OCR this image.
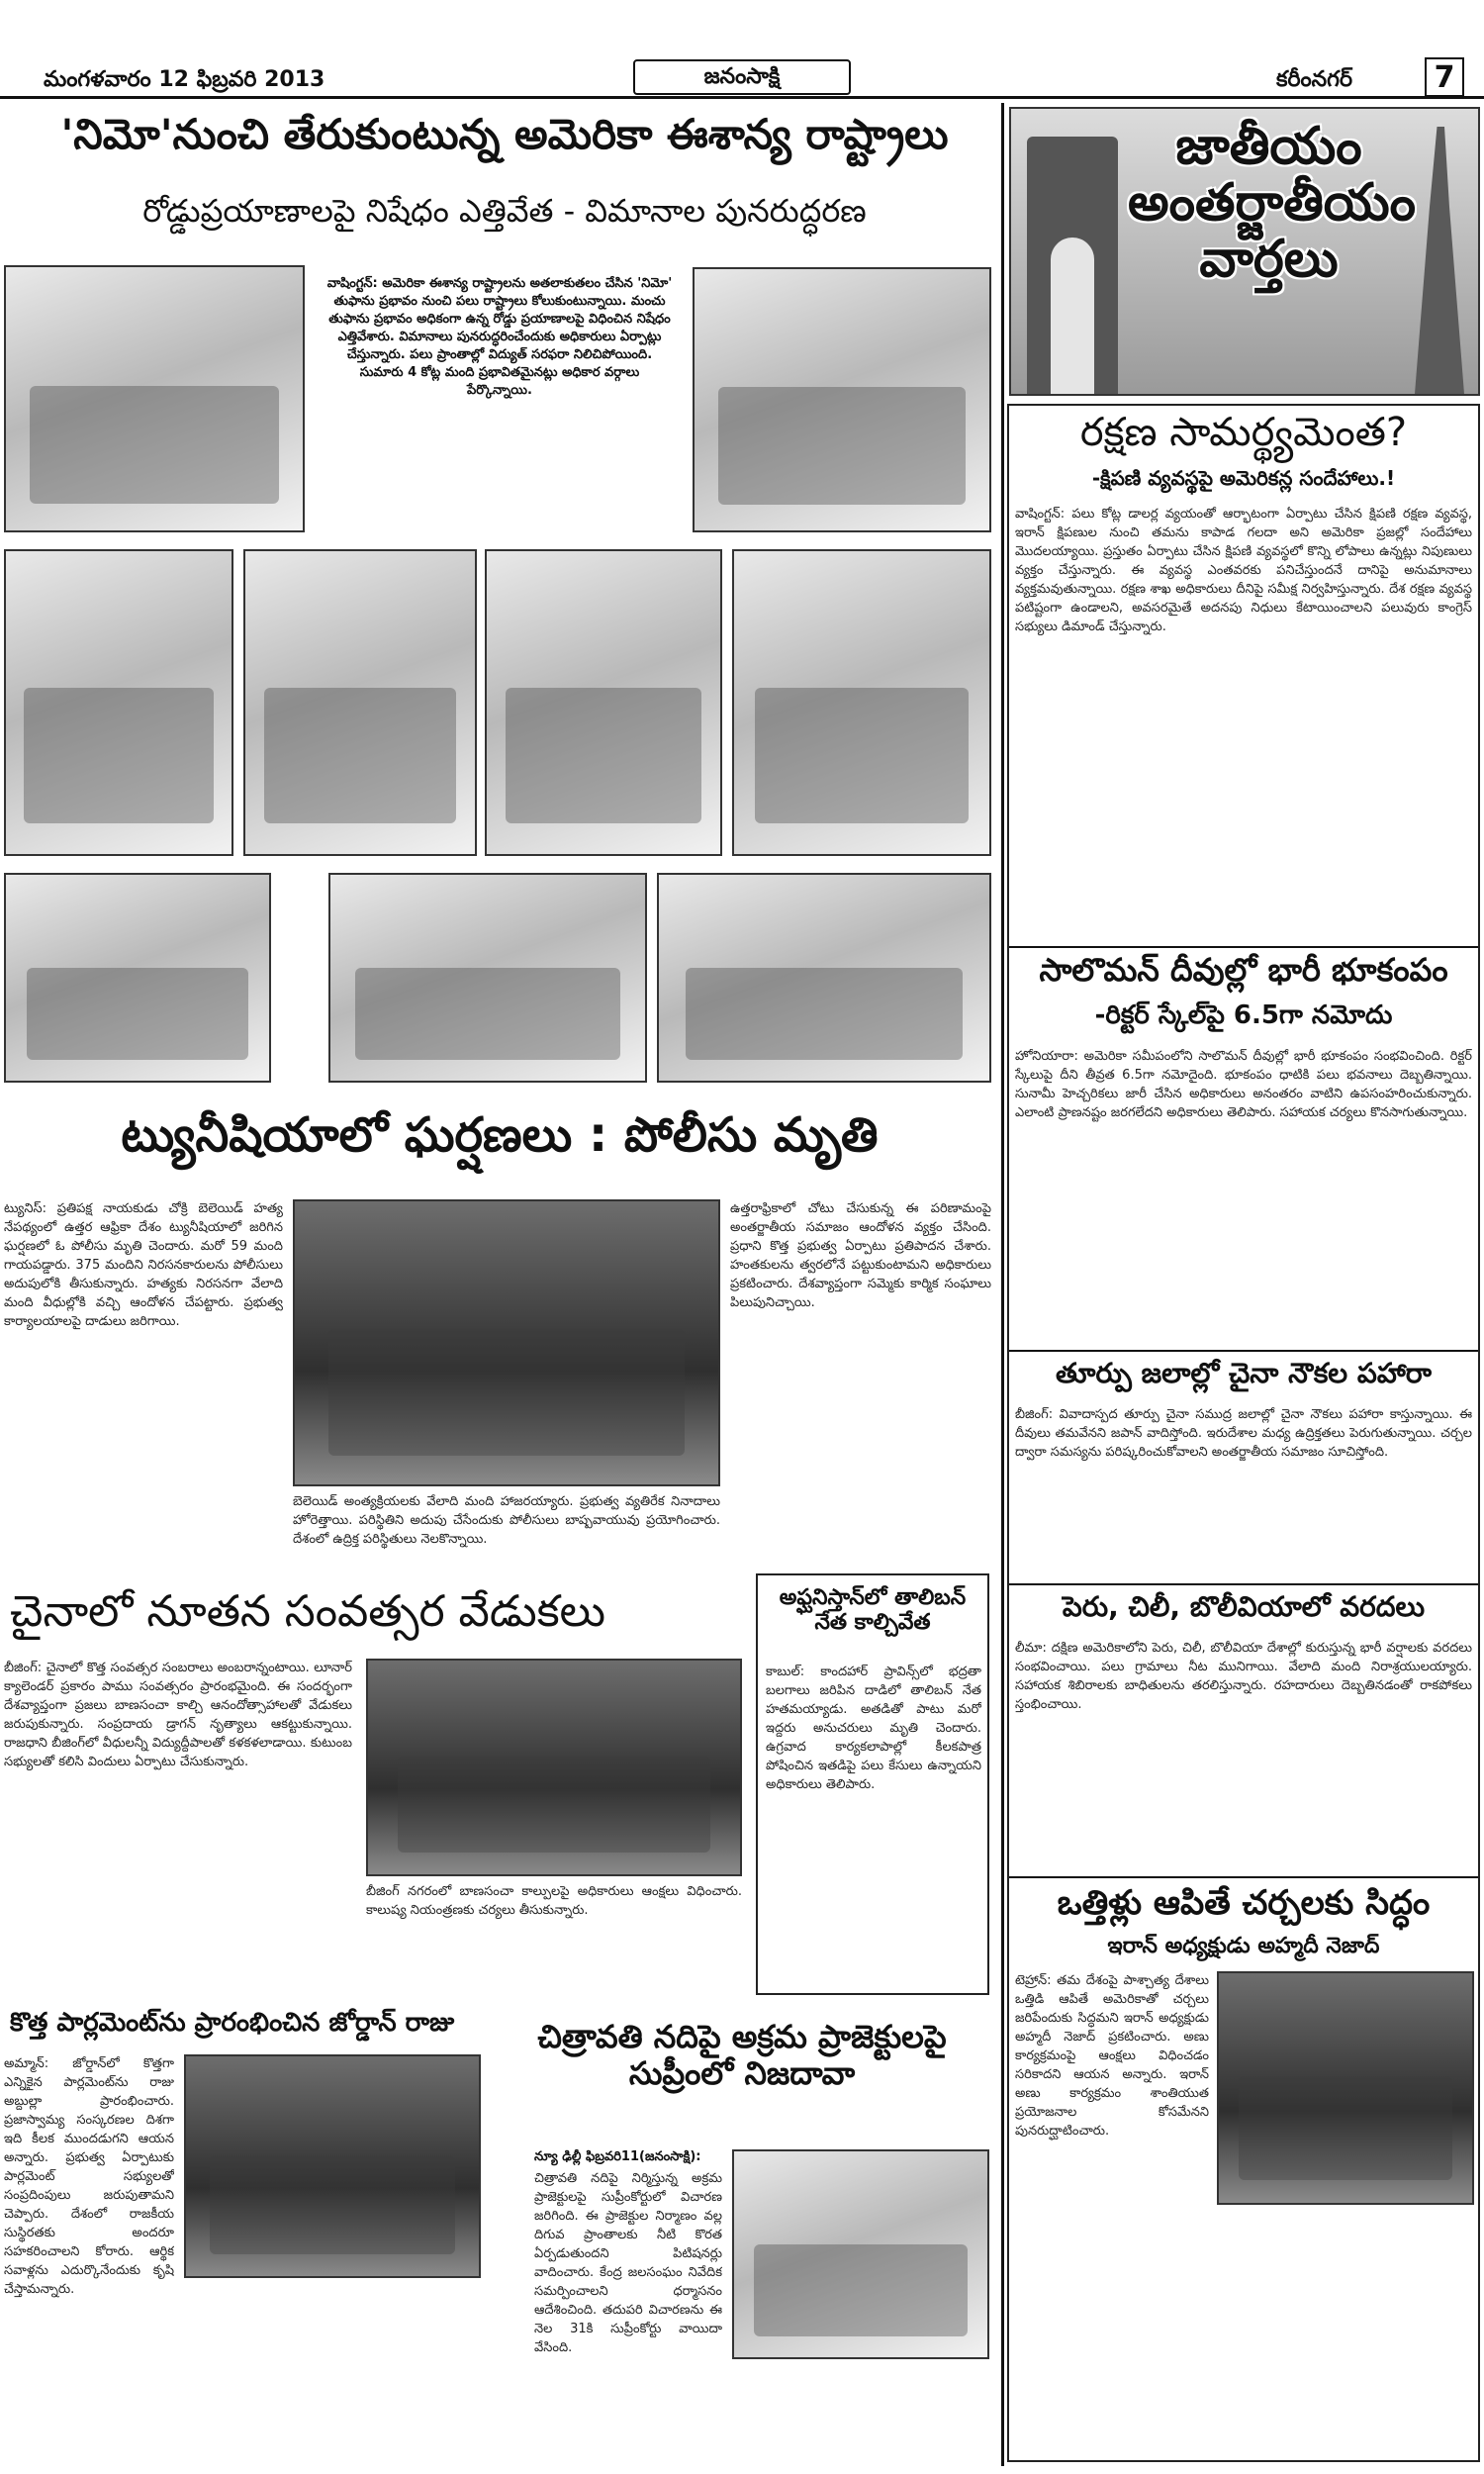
మంగళవారం 12 ఫిబ్రవరి 2013	జనంసాక్షి	కరీంనగర్	7
'నిమో'నుంచి తేరుకుంటున్న అమెరికా ఈశాన్య రాష్ట్రాలు
రోడ్డుప్రయాణాలపై నిషేధం ఎత్తివేత - విమానాల పునరుద్ధరణ
వాషింగ్టన్: అమెరికా ఈశాన్య రాష్ట్రాలను అతలాకుతలం చేసిన 'నిమో' తుఫాను ప్రభావం నుంచి పలు రాష్ట్రాలు కోలుకుంటున్నాయి. మంచు తుఫాను ప్రభావం అధికంగా ఉన్న రోడ్డు ప్రయాణాలపై విధించిన నిషేధం ఎత్తివేశారు. విమానాలు పునరుద్ధరించేందుకు అధికారులు ఏర్పాట్లు చేస్తున్నారు. పలు ప్రాంతాల్లో విద్యుత్ సరఫరా నిలిచిపోయింది. సుమారు 4 కోట్ల మంది ప్రభావితమైనట్లు అధికార వర్గాలు పేర్కొన్నాయి.
ట్యునీషియాలో ఘర్షణలు : పోలీసు మృతి
ట్యునిస్: ప్రతిపక్ష నాయకుడు చోక్రి బెలెయిడ్ హత్య నేపథ్యంలో ఉత్తర ఆఫ్రికా దేశం ట్యునీషియాలో జరిగిన ఘర్షణలో ఓ పోలీసు మృతి చెందారు. మరో 59 మంది గాయపడ్డారు. 375 మందిని నిరసనకారులను పోలీసులు అదుపులోకి తీసుకున్నారు. హత్యకు నిరసనగా వేలాది మంది వీధుల్లోకి వచ్చి ఆందోళన చేపట్టారు. ప్రభుత్వ కార్యాలయాలపై దాడులు జరిగాయి.
బెలెయిడ్ అంత్యక్రియలకు వేలాది మంది హాజరయ్యారు. ప్రభుత్వ వ్యతిరేక నినాదాలు హోరెత్తాయి. పరిస్థితిని అదుపు చేసేందుకు పోలీసులు బాష్పవాయువు ప్రయోగించారు. దేశంలో ఉద్రిక్త పరిస్థితులు నెలకొన్నాయి.
ఉత్తరాఫ్రికాలో చోటు చేసుకున్న ఈ పరిణామంపై అంతర్జాతీయ సమాజం ఆందోళన వ్యక్తం చేసింది. ప్రధాని కొత్త ప్రభుత్వ ఏర్పాటు ప్రతిపాదన చేశారు. హంతకులను త్వరలోనే పట్టుకుంటామని అధికారులు ప్రకటించారు. దేశవ్యాప్తంగా సమ్మెకు కార్మిక సంఘాలు పిలుపునిచ్చాయి.
చైనాలో నూతన సంవత్సర వేడుకలు
బీజింగ్: చైనాలో కొత్త సంవత్సర సంబరాలు అంబరాన్నంటాయి. లూనార్ క్యాలెండర్ ప్రకారం పాము సంవత్సరం ప్రారంభమైంది. ఈ సందర్భంగా దేశవ్యాప్తంగా ప్రజలు బాణసంచా కాల్చి ఆనందోత్సాహాలతో వేడుకలు జరుపుకున్నారు. సంప్రదాయ డ్రాగన్ నృత్యాలు ఆకట్టుకున్నాయి. రాజధాని బీజింగ్‌లో వీధులన్నీ విద్యుద్దీపాలతో కళకళలాడాయి. కుటుంబ సభ్యులతో కలిసి విందులు ఏర్పాటు చేసుకున్నారు.
బీజింగ్ నగరంలో బాణసంచా కాల్పులపై అధికారులు ఆంక్షలు విధించారు. కాలుష్య నియంత్రణకు చర్యలు తీసుకున్నారు.
అఫ్ఘనిస్తాన్‌లో తాలిబన్ నేత కాల్చివేత
కాబుల్: కాందహార్ ప్రావిన్స్‌లో భద్రతా బలగాలు జరిపిన దాడిలో తాలిబన్ నేత హతమయ్యాడు. అతడితో పాటు మరో ఇద్దరు అనుచరులు మృతి చెందారు. ఉగ్రవాద కార్యకలాపాల్లో కీలకపాత్ర పోషించిన ఇతడిపై పలు కేసులు ఉన్నాయని అధికారులు తెలిపారు.
కొత్త పార్లమెంట్‌ను ప్రారంభించిన జోర్డాన్ రాజు
అమ్మాన్: జోర్డాన్‌లో కొత్తగా ఎన్నికైన పార్లమెంట్‌ను రాజు అబ్దుల్లా ప్రారంభించారు. ప్రజాస్వామ్య సంస్కరణల దిశగా ఇది కీలక ముందడుగని ఆయన అన్నారు. ప్రభుత్వ ఏర్పాటుకు పార్లమెంట్ సభ్యులతో సంప్రదింపులు జరుపుతామని చెప్పారు. దేశంలో రాజకీయ సుస్థిరతకు అందరూ సహకరించాలని కోరారు. ఆర్థిక సవాళ్లను ఎదుర్కొనేందుకు కృషి చేస్తామన్నారు.
చిత్రావతి నదిపై అక్రమ ప్రాజెక్టులపై సుప్రీంలో నిజదావా
న్యూ ఢిల్లీ ఫిబ్రవరి11(జనంసాక్షి):
చిత్రావతి నదిపై నిర్మిస్తున్న అక్రమ ప్రాజెక్టులపై సుప్రీంకోర్టులో విచారణ జరిగింది. ఈ ప్రాజెక్టుల నిర్మాణం వల్ల దిగువ ప్రాంతాలకు నీటి కొరత ఏర్పడుతుందని పిటిషనర్లు వాదించారు. కేంద్ర జలసంఘం నివేదిక సమర్పించాలని ధర్మాసనం ఆదేశించింది. తదుపరి విచారణను ఈ నెల 31కి సుప్రీంకోర్టు వాయిదా వేసింది.
జాతీయం అంతర్జాతీయం వార్తలు
రక్షణ సామర్థ్యమెంత?
-క్షిపణి వ్యవస్థపై అమెరికన్ల సందేహాలు.!
వాషింగ్టన్: పలు కోట్ల డాలర్ల వ్యయంతో ఆర్భాటంగా ఏర్పాటు చేసిన క్షిపణి రక్షణ వ్యవస్థ, ఇరాన్ క్షిపణుల నుంచి తమను కాపాడ గలదా అని అమెరికా ప్రజల్లో సందేహాలు మొదలయ్యాయి. ప్రస్తుతం ఏర్పాటు చేసిన క్షిపణి వ్యవస్థలో కొన్ని లోపాలు ఉన్నట్లు నిపుణులు వ్యక్తం చేస్తున్నారు. ఈ వ్యవస్థ ఎంతవరకు పనిచేస్తుందనే దానిపై అనుమానాలు వ్యక్తమవుతున్నాయి. రక్షణ శాఖ అధికారులు దీనిపై సమీక్ష నిర్వహిస్తున్నారు. దేశ రక్షణ వ్యవస్థ పటిష్టంగా ఉండాలని, అవసరమైతే అదనపు నిధులు కేటాయించాలని పలువురు కాంగ్రెస్ సభ్యులు డిమాండ్ చేస్తున్నారు.
సాలొమన్ దీవుల్లో భారీ భూకంపం
-రిక్టర్ స్కేల్‌పై 6.5గా నమోదు
హోనియారా: అమెరికా సమీపంలోని సాలొమన్ దీవుల్లో భారీ భూకంపం సంభవించింది. రిక్టర్ స్కేలుపై దీని తీవ్రత 6.5గా నమోదైంది. భూకంపం ధాటికి పలు భవనాలు దెబ్బతిన్నాయి. సునామీ హెచ్చరికలు జారీ చేసిన అధికారులు అనంతరం వాటిని ఉపసంహరించుకున్నారు. ఎలాంటి ప్రాణనష్టం జరగలేదని అధికారులు తెలిపారు. సహాయక చర్యలు కొనసాగుతున్నాయి.
తూర్పు జలాల్లో చైనా నౌకల పహారా
బీజింగ్: వివాదాస్పద తూర్పు చైనా సముద్ర జలాల్లో చైనా నౌకలు పహారా కాస్తున్నాయి. ఈ దీవులు తమవేనని జపాన్ వాదిస్తోంది. ఇరుదేశాల మధ్య ఉద్రిక్తతలు పెరుగుతున్నాయి. చర్చల ద్వారా సమస్యను పరిష్కరించుకోవాలని అంతర్జాతీయ సమాజం సూచిస్తోంది.
పెరు, చిలీ, బొలీవియాలో వరదలు
లీమా: దక్షిణ అమెరికాలోని పెరు, చిలీ, బొలీవియా దేశాల్లో కురుస్తున్న భారీ వర్షాలకు వరదలు సంభవించాయి. పలు గ్రామాలు నీట మునిగాయి. వేలాది మంది నిరాశ్రయులయ్యారు. సహాయక శిబిరాలకు బాధితులను తరలిస్తున్నారు. రహదారులు దెబ్బతినడంతో రాకపోకలు స్తంభించాయి.
ఒత్తిళ్లు ఆపితే చర్చలకు సిద్ధం
ఇరాన్ అధ్యక్షుడు అహ్మదీ నెజాద్
టెహ్రాన్: తమ దేశంపై పాశ్చాత్య దేశాలు ఒత్తిడి ఆపితే అమెరికాతో చర్చలు జరిపేందుకు సిద్ధమని ఇరాన్ అధ్యక్షుడు అహ్మదీ నెజాద్ ప్రకటించారు. అణు కార్యక్రమంపై ఆంక్షలు విధించడం సరికాదని ఆయన అన్నారు. ఇరాన్ అణు కార్యక్రమం శాంతియుత ప్రయోజనాల కోసమేనని పునరుద్ఘాటించారు.
